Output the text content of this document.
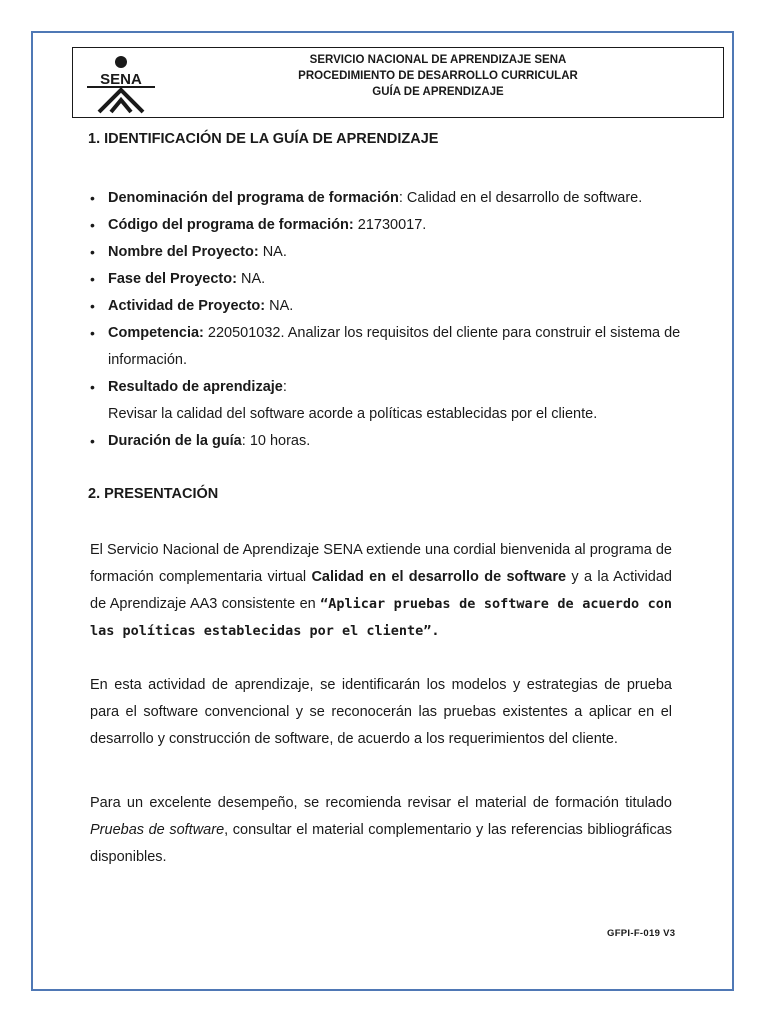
SENA
SERVICIO NACIONAL DE APRENDIZAJE SENA
PROCEDIMIENTO DE DESARROLLO CURRICULAR
GUÍA DE APRENDIZAJE
1. IDENTIFICACIÓN DE LA GUÍA DE APRENDIZAJE
• Denominación del programa de formación: Calidad en el desarrollo de software.
• Código del programa de formación: 21730017.
• Nombre del Proyecto: NA.
• Fase del Proyecto: NA.
• Actividad de Proyecto: NA.
• Competencia: 220501032. Analizar los requisitos del cliente para construir el sistema de información.
• Resultado de aprendizaje:
Revisar la calidad del software acorde a políticas establecidas por el cliente.
• Duración de la guía: 10 horas.
2. PRESENTACIÓN

El Servicio Nacional de Aprendizaje SENA extiende una cordial bienvenida al programa de formación complementaria virtual Calidad en el desarrollo de software y a la Actividad de Aprendizaje AA3 consistente en “Aplicar pruebas de software de acuerdo con las políticas establecidas por el cliente”.

En esta actividad de aprendizaje, se identificarán los modelos y estrategias de prueba para el software convencional y se reconocerán las pruebas existentes a aplicar en el desarrollo y construcción de software, de acuerdo a los requerimientos del cliente.

Para un excelente desempeño, se recomienda revisar el material de formación titulado Pruebas de software, consultar el material complementario y las referencias bibliográficas disponibles.

GFPI-F-019 V3
